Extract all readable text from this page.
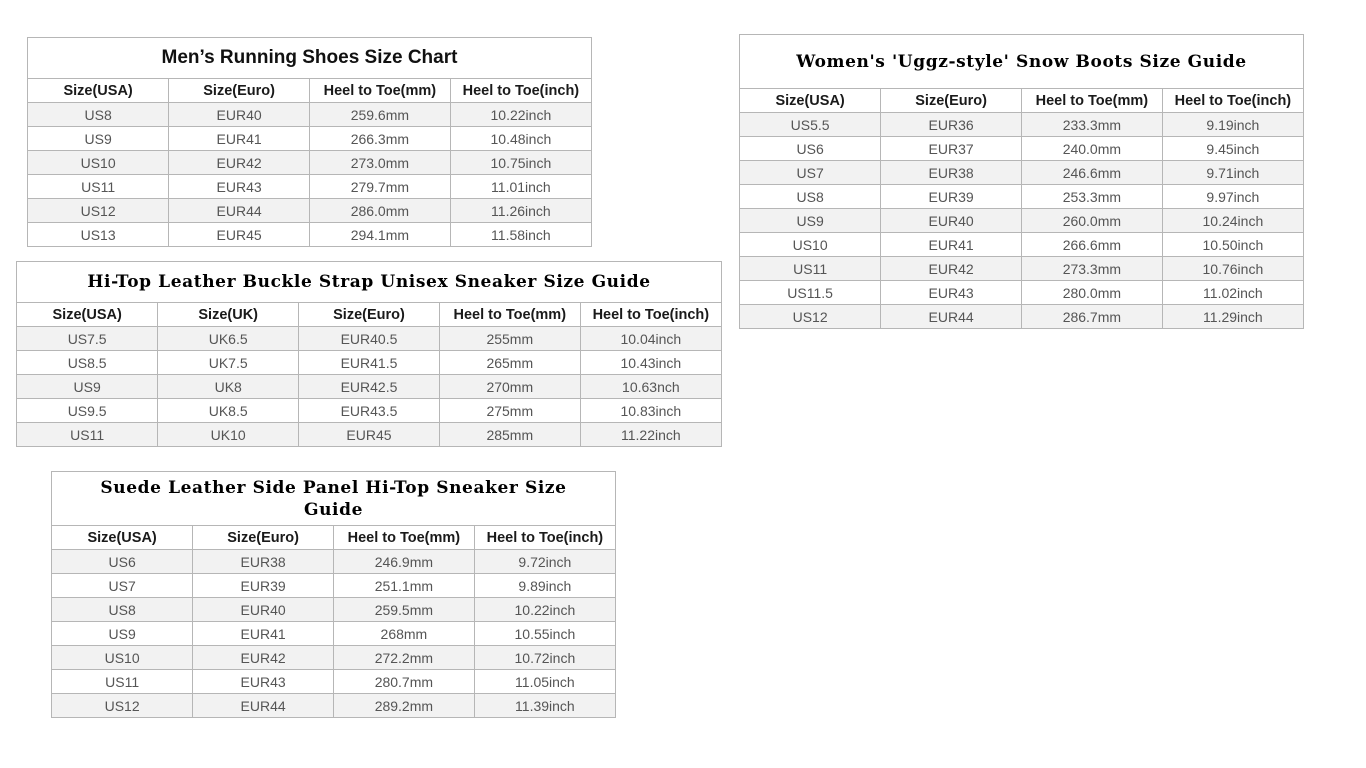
Men’s Running Shoes Size Chart
Size(USA)	Size(Euro)	Heel to Toe(mm)	Heel to Toe(inch)
US8	EUR40	259.6mm	10.22inch
US9	EUR41	266.3mm	10.48inch
US10	EUR42	273.0mm	10.75inch
US11	EUR43	279.7mm	11.01inch
US12	EUR44	286.0mm	11.26inch
US13	EUR45	294.1mm	11.58inch
Hi-Top Leather Buckle Strap Unisex Sneaker Size Guide
Size(USA)	Size(UK)	Size(Euro)	Heel to Toe(mm)	Heel to Toe(inch)
US7.5	UK6.5	EUR40.5	255mm	10.04inch
US8.5	UK7.5	EUR41.5	265mm	10.43inch
US9	UK8	EUR42.5	270mm	10.63nch
US9.5	UK8.5	EUR43.5	275mm	10.83inch
US11	UK10	EUR45	285mm	11.22inch
Suede Leather Side Panel Hi-Top Sneaker Size Guide
Size(USA)	Size(Euro)	Heel to Toe(mm)	Heel to Toe(inch)
US6	EUR38	246.9mm	9.72inch
US7	EUR39	251.1mm	9.89inch
US8	EUR40	259.5mm	10.22inch
US9	EUR41	268mm	10.55inch
US10	EUR42	272.2mm	10.72inch
US11	EUR43	280.7mm	11.05inch
US12	EUR44	289.2mm	11.39inch
Women's 'Uggz-style' Snow Boots Size Guide
Size(USA)	Size(Euro)	Heel to Toe(mm)	Heel to Toe(inch)
US5.5	EUR36	233.3mm	9.19inch
US6	EUR37	240.0mm	9.45inch
US7	EUR38	246.6mm	9.71inch
US8	EUR39	253.3mm	9.97inch
US9	EUR40	260.0mm	10.24inch
US10	EUR41	266.6mm	10.50inch
US11	EUR42	273.3mm	10.76inch
US11.5	EUR43	280.0mm	11.02inch
US12	EUR44	286.7mm	11.29inch
